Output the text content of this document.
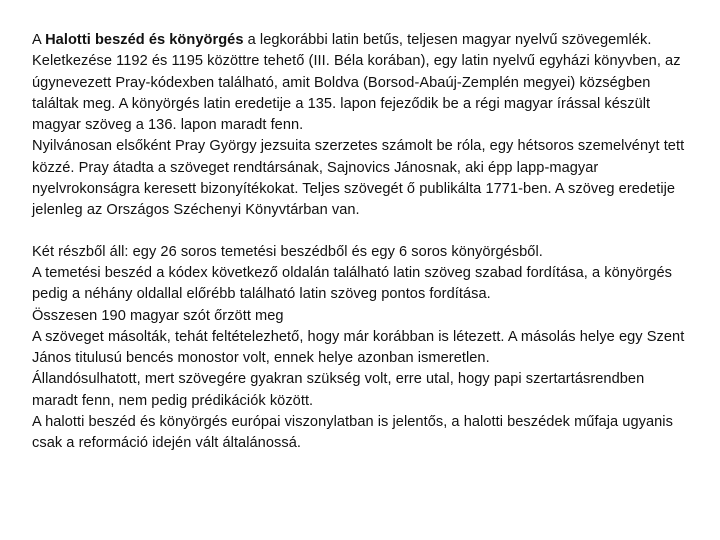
A Halotti beszéd és könyörgés a legkorábbi latin betűs, teljesen magyar nyelvű szövegemlék.
Keletkezése 1192 és 1195 közöttre tehető (III. Béla korában), egy latin nyelvű egyházi könyvben, az úgynevezett Pray-kódexben található, amit Boldva (Borsod-Abaúj-Zemplén megyei) községben találtak meg. A könyörgés latin eredetije a 135. lapon fejeződik be a régi magyar írással készült magyar szöveg a 136. lapon maradt fenn.
Nyilvánosan elsőként Pray György jezsuita szerzetes számolt be róla, egy hétsoros szemelvényt tett közzé. Pray átadta a szöveget rendtársának, Sajnovics Jánosnak, aki épp lapp-magyar nyelvrokonságra keresett bizonyítékokat. Teljes szövegét ő publikálta 1771-ben. A szöveg eredetije jelenleg az Országos Széchenyi Könyvtárban van.
Két részből áll: egy 26 soros temetési beszédből és egy 6 soros könyörgésből.
A temetési beszéd a kódex következő oldalán található latin szöveg szabad fordítása, a könyörgés pedig a néhány oldallal előrébb található latin szöveg pontos fordítása.
Összesen 190 magyar szót őrzött meg
A szöveget másolták, tehát feltételezhető, hogy már korábban is létezett. A másolás helye egy Szent János titulusú bencés monostor volt, ennek helye azonban ismeretlen.
Állandósulhatott, mert szövegére gyakran szükség volt, erre utal, hogy papi szertartásrendben maradt fenn, nem pedig prédikációk között.
A halotti beszéd és könyörgés európai viszonylatban is jelentős, a halotti beszédek műfaja ugyanis csak a reformáció idején vált általánossá.
